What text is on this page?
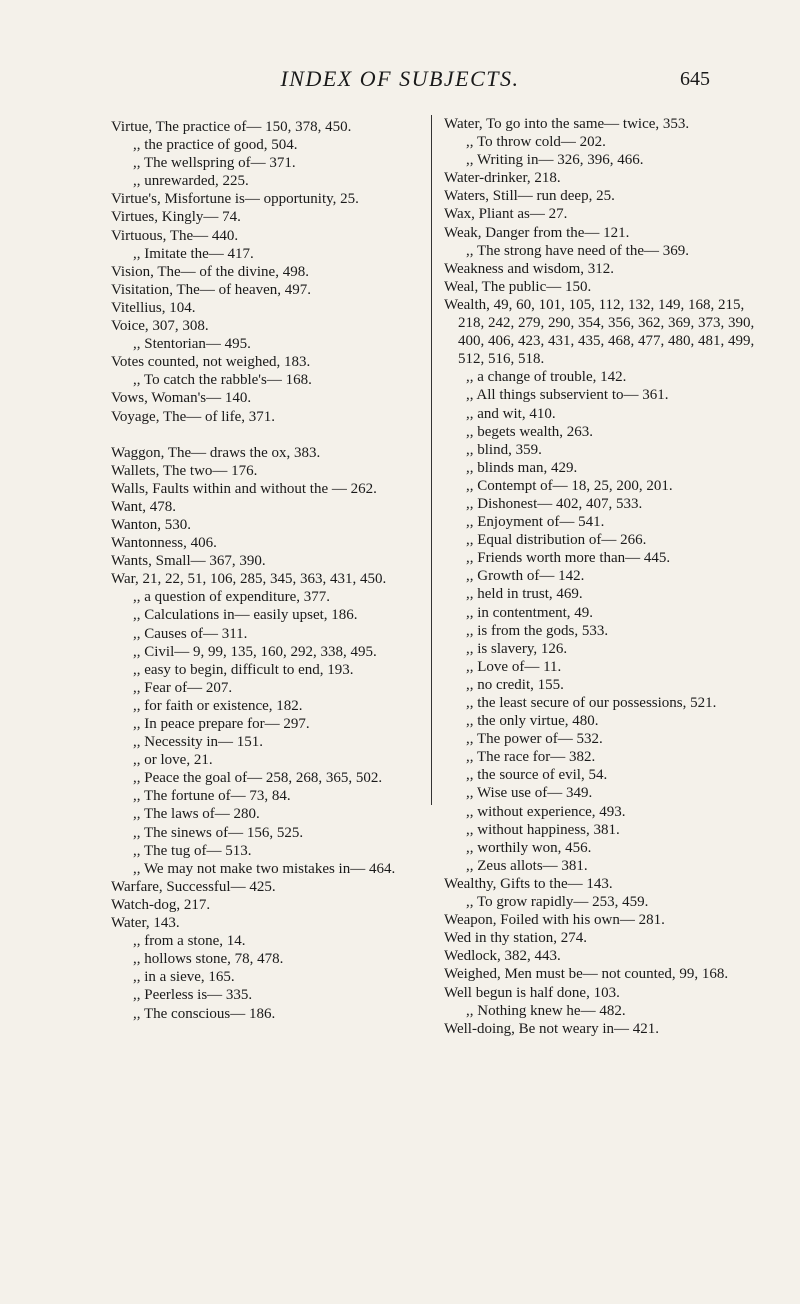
INDEX OF SUBJECTS.	645
Virtue, The practice of— 150, 378, 450.
,, the practice of good, 504.
,, The wellspring of— 371.
,, unrewarded, 225.
Virtue's, Misfortune is— opportunity, 25.
Virtues, Kingly— 74.
Virtuous, The— 440.
,, Imitate the— 417.
Vision, The— of the divine, 498.
Visitation, The— of heaven, 497.
Vitellius, 104.
Voice, 307, 308.
,, Stentorian— 495.
Votes counted, not weighed, 183.
,, To catch the rabble's— 168.
Vows, Woman's— 140.
Voyage, The— of life, 371.
Waggon, The— draws the ox, 383.
Wallets, The two— 176.
Walls, Faults within and without the — 262.
Want, 478.
Wanton, 530.
Wantonness, 406.
Wants, Small— 367, 390.
War, 21, 22, 51, 106, 285, 345, 363, 431, 450.
,, a question of expenditure, 377.
,, Calculations in— easily upset, 186.
,, Causes of— 311.
,, Civil— 9, 99, 135, 160, 292, 338, 495.
,, easy to begin, difficult to end, 193.
,, Fear of— 207.
,, for faith or existence, 182.
,, In peace prepare for— 297.
,, Necessity in— 151.
,, or love, 21.
,, Peace the goal of— 258, 268, 365, 502.
,, The fortune of— 73, 84.
,, The laws of— 280.
,, The sinews of— 156, 525.
,, The tug of— 513.
,, We may not make two mistakes in— 464.
Warfare, Successful— 425.
Watch-dog, 217.
Water, 143.
,, from a stone, 14.
,, hollows stone, 78, 478.
,, in a sieve, 165.
,, Peerless is— 335.
,, The conscious— 186.
Water, To go into the same— twice, 353.
,, To throw cold— 202.
,, Writing in— 326, 396, 466.
Water-drinker, 218.
Waters, Still— run deep, 25.
Wax, Pliant as— 27.
Weak, Danger from the— 121.
,, The strong have need of the— 369.
Weakness and wisdom, 312.
Weal, The public— 150.
Wealth, 49, 60, 101, 105, 112, 132, 149, 168, 215, 218, 242, 279, 290, 354, 356, 362, 369, 373, 390, 400, 406, 423, 431, 435, 468, 477, 480, 481, 499, 512, 516, 518.
,, a change of trouble, 142.
,, All things subservient to— 361.
,, and wit, 410.
,, begets wealth, 263.
,, blind, 359.
,, blinds man, 429.
,, Contempt of— 18, 25, 200, 201.
,, Dishonest— 402, 407, 533.
,, Enjoyment of— 541.
,, Equal distribution of— 266.
,, Friends worth more than— 445.
,, Growth of— 142.
,, held in trust, 469.
,, in contentment, 49.
,, is from the gods, 533.
,, is slavery, 126.
,, Love of— 11.
,, no credit, 155.
,, the least secure of our possessions, 521.
,, the only virtue, 480.
,, The power of— 532.
,, The race for— 382.
,, the source of evil, 54.
,, Wise use of— 349.
,, without experience, 493.
,, without happiness, 381.
,, worthily won, 456.
,, Zeus allots— 381.
Wealthy, Gifts to the— 143.
,, To grow rapidly— 253, 459.
Weapon, Foiled with his own— 281.
Wed in thy station, 274.
Wedlock, 382, 443.
Weighed, Men must be— not counted, 99, 168.
Well begun is half done, 103.
,, Nothing knew he— 482.
Well-doing, Be not weary in— 421.
